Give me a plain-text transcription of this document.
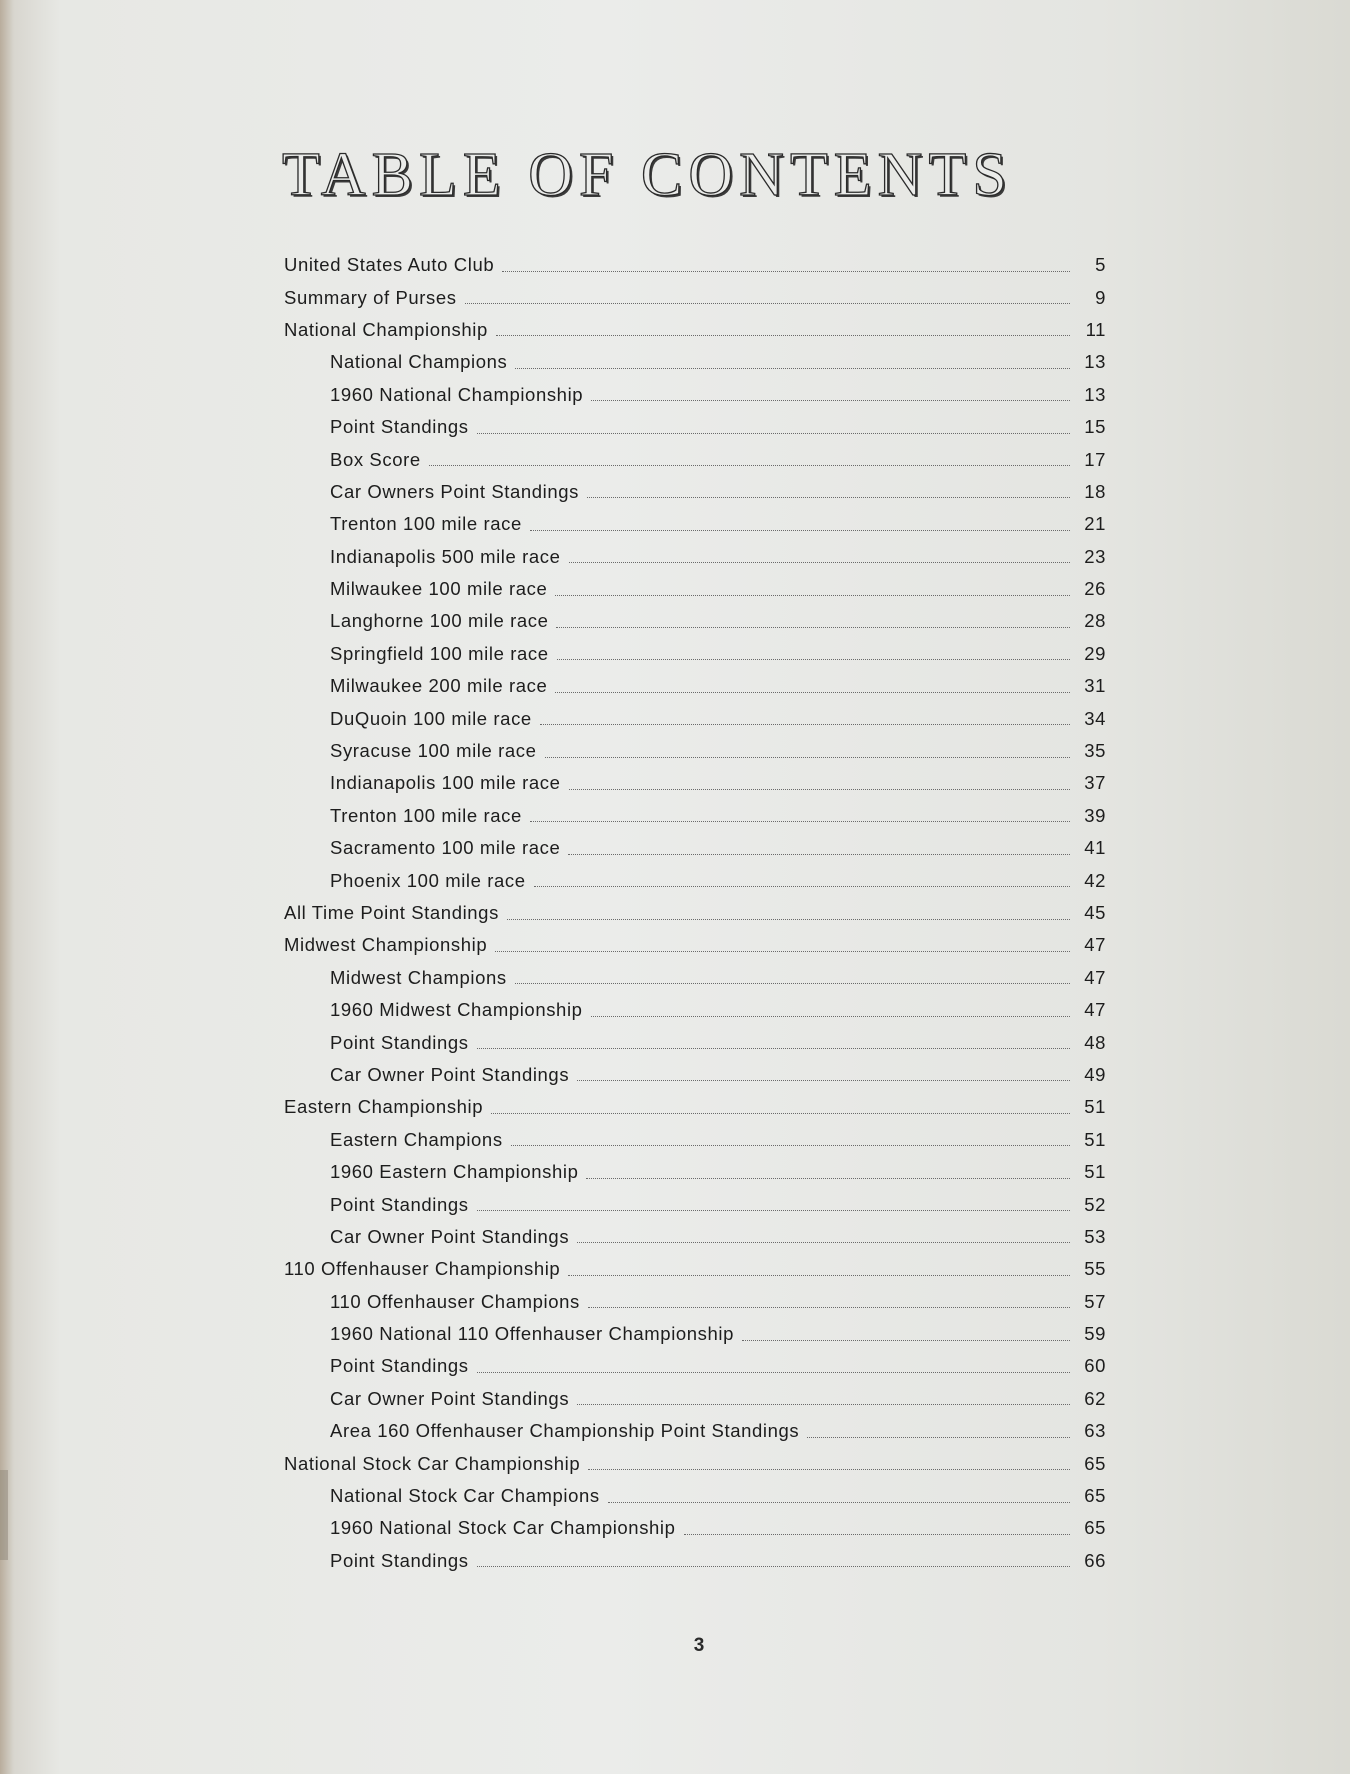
TABLE OF CONTENTS
United States Auto Club	5
Summary of Purses	9
National Championship	11
National Champions	13
1960 National Championship	13
Point Standings	15
Box Score	17
Car Owners Point Standings	18
Trenton 100 mile race	21
Indianapolis 500 mile race	23
Milwaukee 100 mile race	26
Langhorne 100 mile race	28
Springfield 100 mile race	29
Milwaukee 200 mile race	31
DuQuoin 100 mile race	34
Syracuse 100 mile race	35
Indianapolis 100 mile race	37
Trenton 100 mile race	39
Sacramento 100 mile race	41
Phoenix 100 mile race	42
All Time Point Standings	45
Midwest Championship	47
Midwest Champions	47
1960 Midwest Championship	47
Point Standings	48
Car Owner Point Standings	49
Eastern Championship	51
Eastern Champions	51
1960 Eastern Championship	51
Point Standings	52
Car Owner Point Standings	53
110 Offenhauser Championship	55
110 Offenhauser Champions	57
1960 National 110 Offenhauser Championship	59
Point Standings	60
Car Owner Point Standings	62
Area 160 Offenhauser Championship Point Standings	63
National Stock Car Championship	65
National Stock Car Champions	65
1960 National Stock Car Championship	65
Point Standings	66
3
